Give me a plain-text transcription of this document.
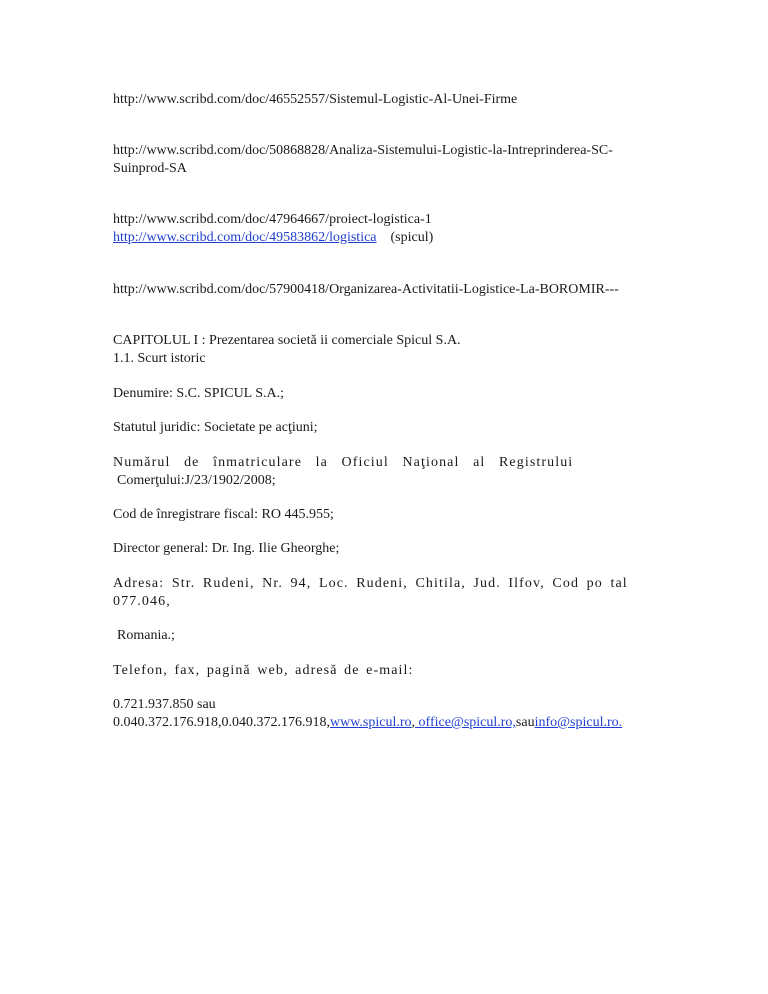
http://www.scribd.com/doc/46552557/Sistemul-Logistic-Al-Unei-Firme
http://www.scribd.com/doc/50868828/Analiza-Sistemului-Logistic-la-Intreprinderea-SC-
Suinprod-SA
http://www.scribd.com/doc/47964667/proiect-logistica-1
http://www.scribd.com/doc/49583862/logistica (spicul)
http://www.scribd.com/doc/57900418/Organizarea-Activitatii-Logistice-La-BOROMIR---
CAPITOLUL I : Prezentarea societă ii comerciale Spicul S.A.
1.1. Scurt istoric
Denumire: S.C. SPICUL S.A.;
Statutul juridic: Societate pe acţiuni;
Numărul de înmatriculare la Oficiul Naţional al Registrului
Comerţului:J/23/1902/2008;
Cod de înregistrare fiscal: RO 445.955;
Director general: Dr. Ing. Ilie Gheorghe;
Adresa: Str. Rudeni, Nr. 94, Loc. Rudeni, Chitila, Jud. Ilfov, Cod po tal
077.046,
Romania.;
Telefon, fax, pagină web, adresă de e-mail:
0.721.937.850 sau
0.040.372.176.918,0.040.372.176.918,www.spicul.ro, office@spicul.ro,sauinfo@spicul.ro.
